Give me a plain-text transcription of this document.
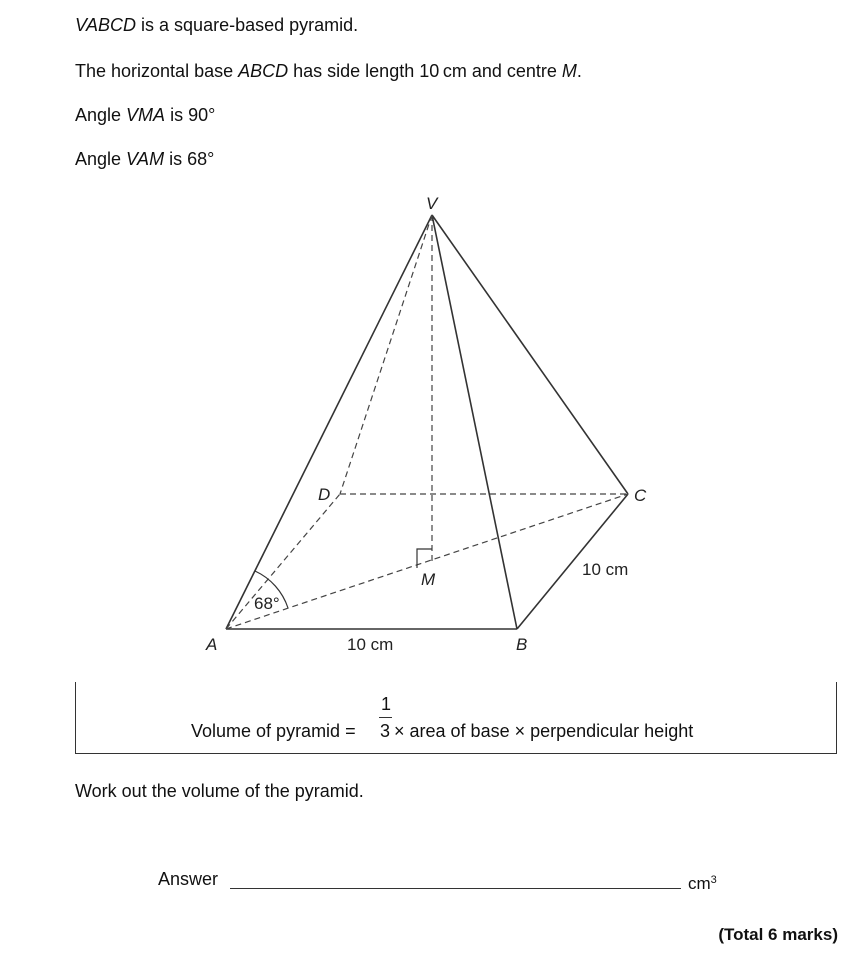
VABCD is a square-based pyramid.
The horizontal base ABCD has side length 10 cm and centre M.
Angle VMA is 90°
Angle VAM is 68°
V
A	B
C
D
M
68°
10 cm
10 cm
Volume of pyramid =
1
3 × area of base × perpendicular height
Work out the volume of the pyramid.
Answer	$cm^3$
(Total 6 marks)
